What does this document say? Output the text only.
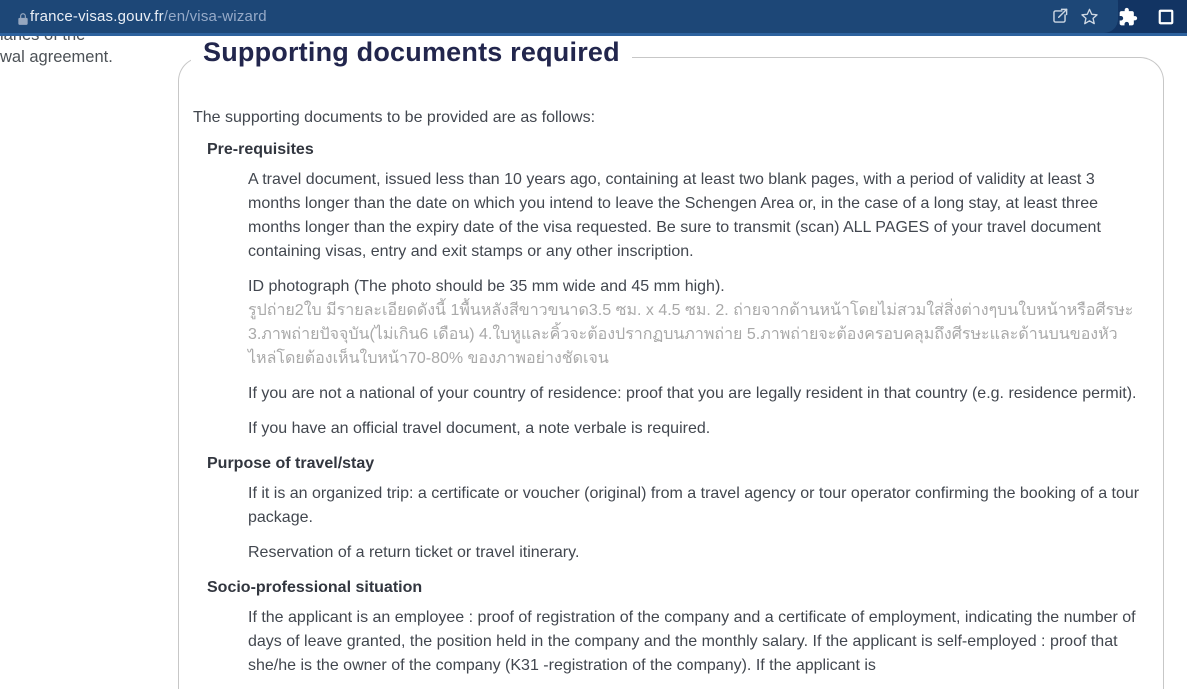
france-visas.gouv.fr/en/visa-wizard
wal agreement.	Supporting documents required

The supporting documents to be provided are as follows:

Pre-requisites
A travel document, issued less than 10 years ago, containing at least two blank pages, with a period of validity at least 3 months longer than the date on which you intend to leave the Schengen Area or, in the case of a long stay, at least three months longer than the expiry date of the visa requested. Be sure to transmit (scan) ALL PAGES of your travel document containing visas, entry and exit stamps or any other inscription.
ID photograph (The photo should be 35 mm wide and 45 mm high).
รูปถ่าย2ใบ มีรายละเอียดดังนี้ 1พื้นหลังสีขาวขนาด3.5 ซม. x 4.5 ซม. 2. ถ่ายจากด้านหน้าโดยไม่สวมใส่สิ่งต่างๆบนใบหน้าหรือศีรษะ 3.ภาพถ่ายปัจจุบัน(ไม่เกิน6 เดือน) 4.ใบหูและคิ้วจะต้องปรากฏบนภาพถ่าย 5.ภาพถ่ายจะต้องครอบคลุมถึงศีรษะและด้านบนของหัวไหล่โดยต้องเห็นใบหน้า70-80% ของภาพอย่างชัดเจน
If you are not a national of your country of residence: proof that you are legally resident in that country (e.g. residence permit).
If you have an official travel document, a note verbale is required.
Purpose of travel/stay
If it is an organized trip: a certificate or voucher (original) from a travel agency or tour operator confirming the booking of a tour package.
Reservation of a return ticket or travel itinerary.
Socio-professional situation
If the applicant is an employee : proof of registration of the company and a certificate of employment, indicating the number of days of leave granted, the position held in the company and the monthly salary. If the applicant is self-employed : proof that she/he is the owner of the company (K31 -registration of the company). If the applicant is
